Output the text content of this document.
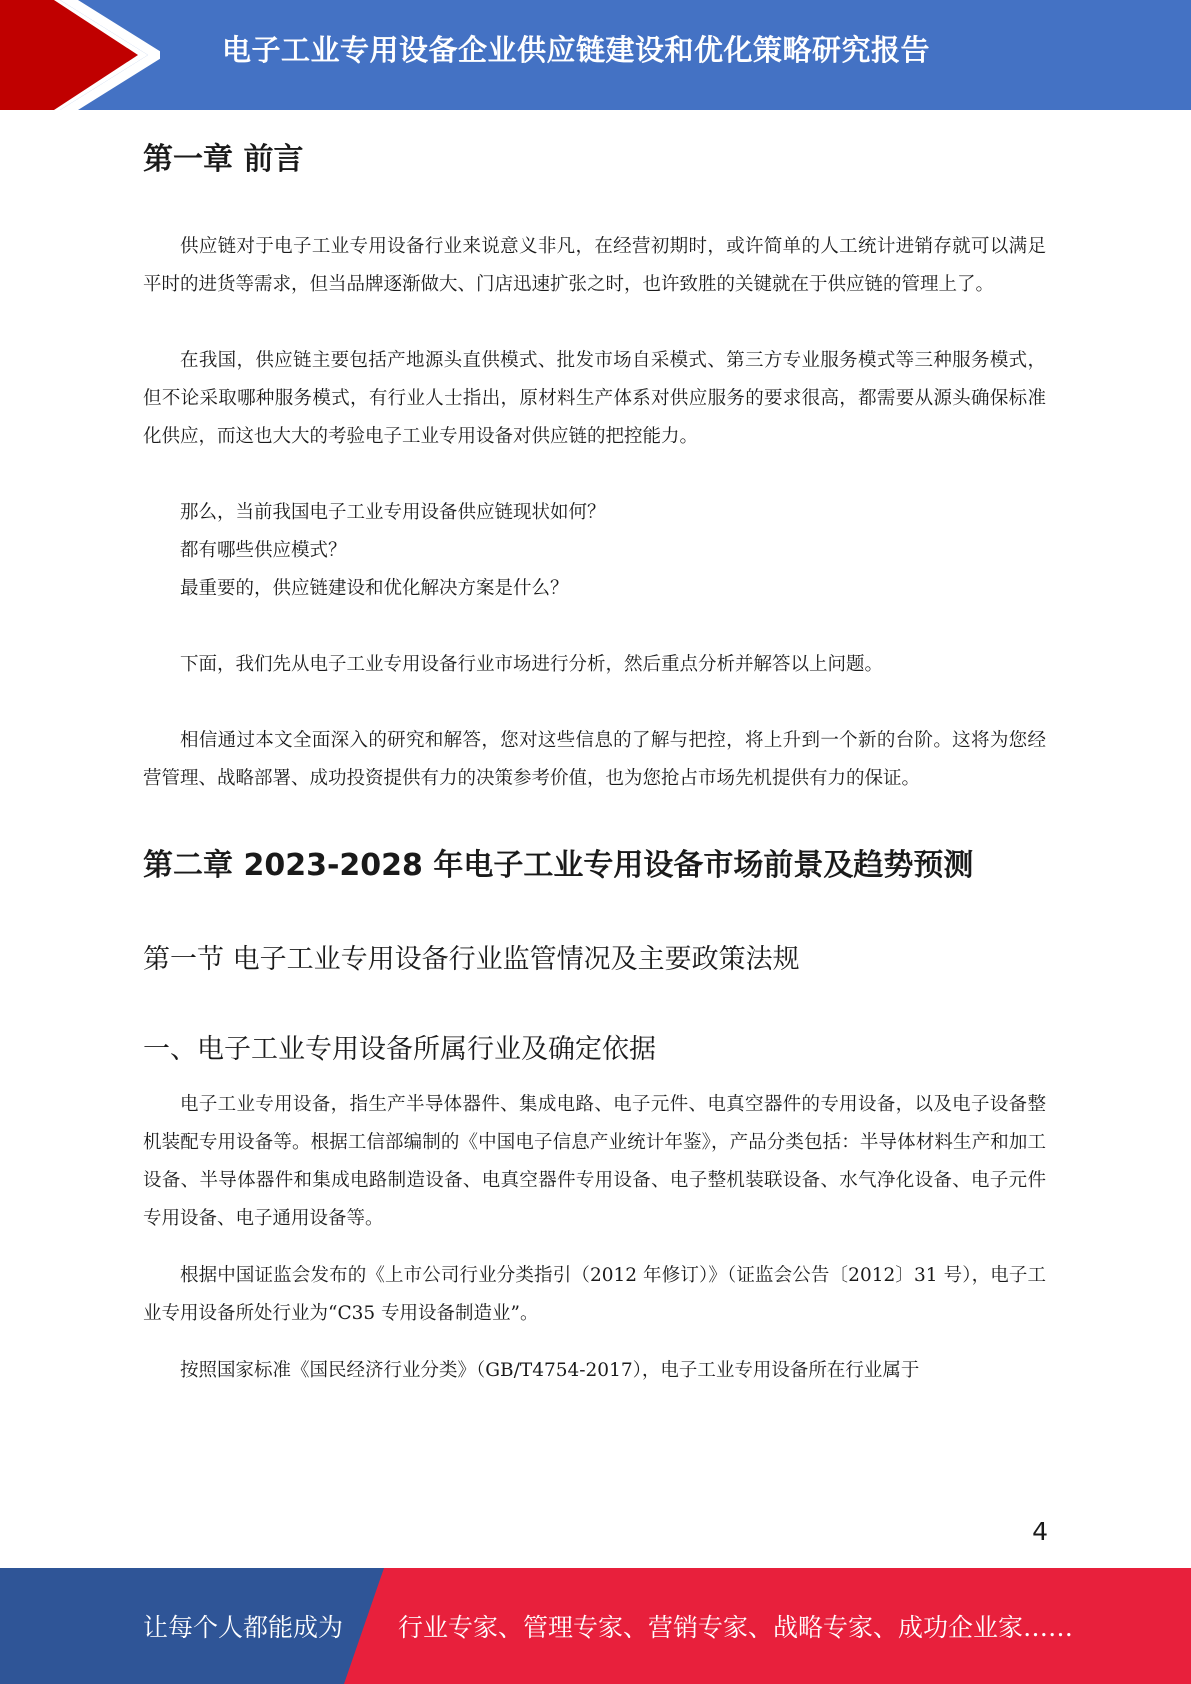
电子工业专用设备企业供应链建设和优化策略研究报告
第一章 前言

供应链对于电子工业专用设备行业来说意义非凡，在经营初期时，或许简单的人工统计进销存就可以满足平时的进货等需求，但当品牌逐渐做大、门店迅速扩张之时，也许致胜的关键就在于供应链的管理上了。

在我国，供应链主要包括产地源头直供模式、批发市场自采模式、第三方专业服务模式等三种服务模式，但不论采取哪种服务模式，有行业人士指出，原材料生产体系对供应服务的要求很高，都需要从源头确保标准化供应，而这也大大的考验电子工业专用设备对供应链的把控能力。

那么，当前我国电子工业专用设备供应链现状如何？

都有哪些供应模式？

最重要的，供应链建设和优化解决方案是什么？

下面，我们先从电子工业专用设备行业市场进行分析，然后重点分析并解答以上问题。

相信通过本文全面深入的研究和解答，您对这些信息的了解与把控，将上升到一个新的台阶。这将为您经营管理、战略部署、成功投资提供有力的决策参考价值，也为您抢占市场先机提供有力的保证。

第二章 2023-2028 年电子工业专用设备市场前景及趋势预测
第一节 电子工业专用设备行业监管情况及主要政策法规
一、电子工业专用设备所属行业及确定依据

电子工业专用设备，指生产半导体器件、集成电路、电子元件、电真空器件的专用设备，以及电子设备整机装配专用设备等。根据工信部编制的《中国电子信息产业统计年鉴》，产品分类包括：半导体材料生产和加工设备、半导体器件和集成电路制造设备、电真空器件专用设备、电子整机装联设备、水气净化设备、电子元件专用设备、电子通用设备等。

根据中国证监会发布的《上市公司行业分类指引（2012 年修订）》（证监会公告〔2012〕31 号），电子工业专用设备所处行业为“C35 专用设备制造业”。

按照国家标准《国民经济行业分类》（GB/T4754-2017），电子工业专用设备所在行业属于

4
让每个人都能成为 行业专家、管理专家、营销专家、战略专家、成功企业家……
